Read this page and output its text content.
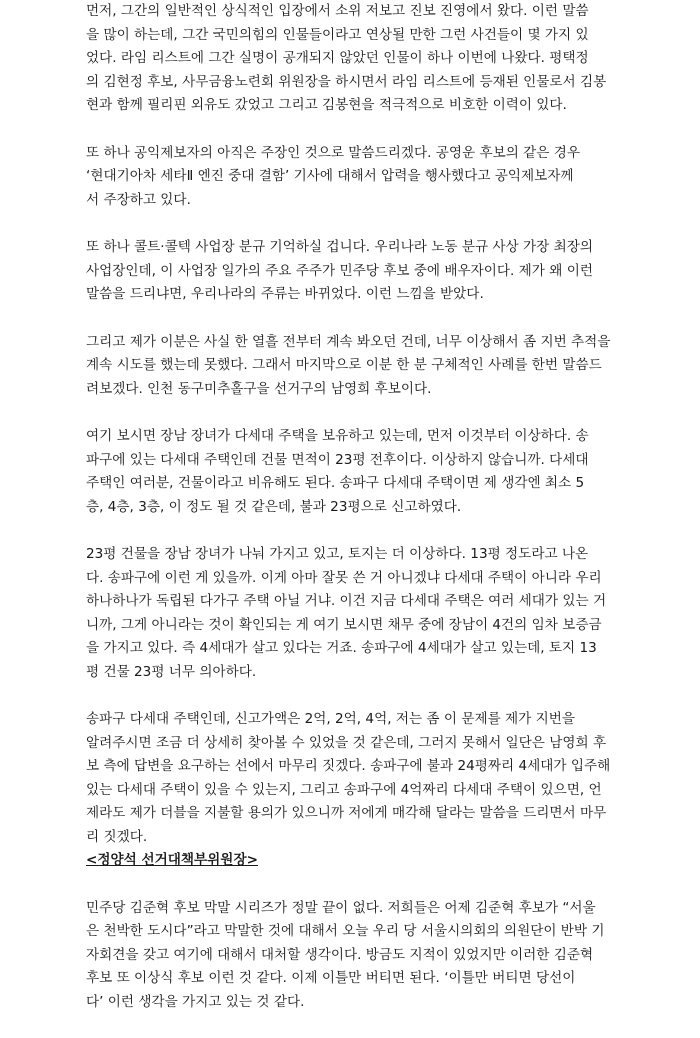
먼저, 그간의 일반적인 상식적인 입장에서 소위 저보고 진보 진영에서 왔다. 이런 말씀
을 많이 하는데, 그간 국민의힘의 인물들이라고 연상될 만한 그런 사건들이 몇 가지 있
었다. 라임 리스트에 그간 실명이 공개되지 않았던 인물이 하나 이번에 나왔다. 평택정
의 김현정 후보, 사무금융노련회 위원장을 하시면서 라임 리스트에 등재된 인물로서 김봉
현과 함께 필리핀 외유도 갔었고 그리고 김봉현을 적극적으로 비호한 이력이 있다.

또 하나 공익제보자의 아직은 주장인 것으로 말씀드리겠다. 공영운 후보의 같은 경우
‘현대기아차 세타Ⅱ 엔진 중대 결함’ 기사에 대해서 압력을 행사했다고 공익제보자께
서 주장하고 있다.

또 하나 콜트·콜텍 사업장 분규 기억하실 겁니다. 우리나라 노동 분규 사상 가장 최장의
사업장인데, 이 사업장 일가의 주요 주주가 민주당 후보 중에 배우자이다. 제가 왜 이런
말씀을 드리냐면, 우리나라의 주류는 바뀌었다. 이런 느낌을 받았다.

그리고 제가 이분은 사실 한 열흘 전부터 계속 봐오던 건데, 너무 이상해서 좀 지번 추적을
계속 시도를 했는데 못했다. 그래서 마지막으로 이분 한 분 구체적인 사례를 한번 말씀드
려보겠다. 인천 동구미추홀구을 선거구의 남영희 후보이다.

여기 보시면 장남 장녀가 다세대 주택을 보유하고 있는데, 먼저 이것부터 이상하다. 송
파구에 있는 다세대 주택인데 건물 면적이 23평 전후이다. 이상하지 않습니까. 다세대
주택인 여러분, 건물이라고 비유해도 된다. 송파구 다세대 주택이면 제 생각엔 최소 5
층, 4층, 3층, 이 정도 될 것 같은데, 불과 23평으로 신고하였다.

23평 건물을 장남 장녀가 나눠 가지고 있고, 토지는 더 이상하다. 13평 정도라고 나온
다. 송파구에 이런 게 있을까. 이게 아마 잘못 쓴 거 아니겠냐 다세대 주택이 아니라 우리
하나하나가 독립된 다가구 주택 아닐 거냐. 이건 지금 다세대 주택은 여러 세대가 있는 거
니까, 그게 아니라는 것이 확인되는 게 여기 보시면 채무 중에 장남이 4건의 임차 보증금
을 가지고 있다. 즉 4세대가 살고 있다는 거죠. 송파구에 4세대가 살고 있는데, 토지 13
평 건물 23평 너무 의아하다.

송파구 다세대 주택인데, 신고가액은 2억, 2억, 4억, 저는 좀 이 문제를 제가 지번을
알려주시면 조금 더 상세히 찾아볼 수 있었을 것 같은데, 그러지 못해서 일단은 남영희 후
보 측에 답변을 요구하는 선에서 마무리 짓겠다. 송파구에 불과 24평짜리 4세대가 입주해
있는 다세대 주택이 있을 수 있는지, 그리고 송파구에 4억짜리 다세대 주택이 있으면, 언
제라도 제가 더블을 지불할 용의가 있으니까 저에게 매각해 달라는 말씀을 드리면서 마무
리 짓겠다.

<정양석 선거대책부위원장>

민주당 김준혁 후보 막말 시리즈가 정말 끝이 없다. 저희들은 어제 김준혁 후보가 “서울
은 천박한 도시다”라고 막말한 것에 대해서 오늘 우리 당 서울시의회의 의원단이 반박 기
자회견을 갖고 여기에 대해서 대처할 생각이다. 방금도 지적이 있었지만 이러한 김준혁
후보 또 이상식 후보 이런 것 같다. 이제 이틀만 버티면 된다. ‘이틀만 버티면 당선이
다’ 이런 생각을 가지고 있는 것 같다.
